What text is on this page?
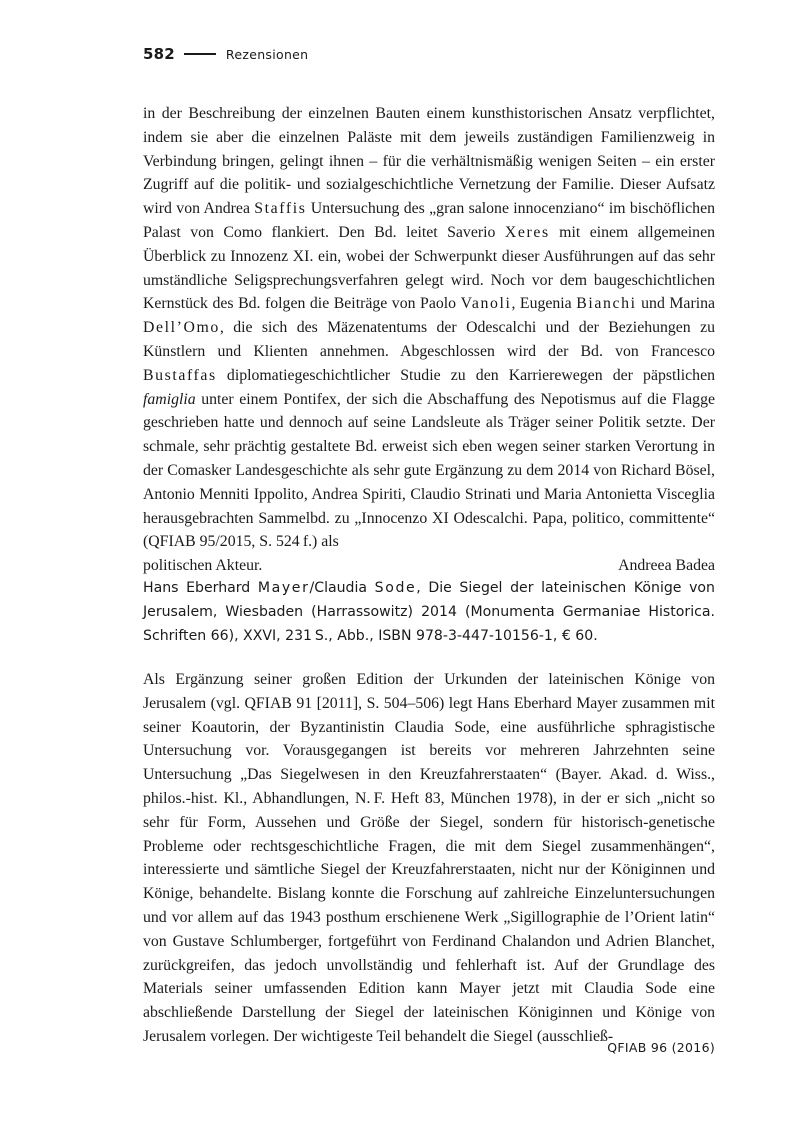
582	Rezensionen

in der Beschreibung der einzelnen Bauten einem kunsthistorischen Ansatz verpflichtet, indem sie aber die einzelnen Paläste mit dem jeweils zuständigen Familienzweig in Verbindung bringen, gelingt ihnen – für die verhältnismäßig wenigen Seiten – ein erster Zugriff auf die politik- und sozialgeschichtliche Vernetzung der Familie. Dieser Aufsatz wird von Andrea Staffis Untersuchung des „gran salone innocenziano“ im bischöflichen Palast von Como flankiert. Den Bd. leitet Saverio Xeres mit einem allgemeinen Überblick zu Innozenz XI. ein, wobei der Schwerpunkt dieser Ausführungen auf das sehr umständliche Seligsprechungsverfahren gelegt wird. Noch vor dem baugeschichtlichen Kernstück des Bd. folgen die Beiträge von Paolo Vanoli, Eugenia Bianchi und Marina Dell’Omo, die sich des Mäzenatentums der Odescalchi und der Beziehungen zu Künstlern und Klienten annehmen. Abgeschlossen wird der Bd. von Francesco Bustaffas diplomatiegeschichtlicher Studie zu den Karrierewegen der päpstlichen famiglia unter einem Pontifex, der sich die Abschaffung des Nepotismus auf die Flagge geschrieben hatte und dennoch auf seine Landsleute als Träger seiner Politik setzte. Der schmale, sehr prächtig gestaltete Bd. erweist sich eben wegen seiner starken Verortung in der Comasker Landesgeschichte als sehr gute Ergänzung zu dem 2014 von Richard Bösel, Antonio Menniti Ippolito, Andrea Spiriti, Claudio Strinati und Maria Antonietta Visceglia herausgebrachten Sammelbd. zu „Innocenzo XI Odescalchi. Papa, politico, committente“ (QFIAB 95/2015, S. 524 f.) als

politischen Akteur.	Andreea Badea

Hans Eberhard Mayer/Claudia Sode, Die Siegel der lateinischen Könige von Jerusalem, Wiesbaden (Harrassowitz) 2014 (Monumenta Germaniae Historica. Schriften 66), XXVI, 231 S., Abb., ISBN 978-3-447-10156-1, € 60.

Als Ergänzung seiner großen Edition der Urkunden der lateinischen Könige von Jerusalem (vgl. QFIAB 91 [2011], S. 504–506) legt Hans Eberhard Mayer zusammen mit seiner Koautorin, der Byzantinistin Claudia Sode, eine ausführliche sphragistische Untersuchung vor. Vorausgegangen ist bereits vor mehreren Jahrzehnten seine Untersuchung „Das Siegelwesen in den Kreuzfahrerstaaten“ (Bayer. Akad. d. Wiss., philos.-hist. Kl., Abhandlungen, N. F. Heft 83, München 1978), in der er sich „nicht so sehr für Form, Aussehen und Größe der Siegel, sondern für historisch-genetische Probleme oder rechtsgeschichtliche Fragen, die mit dem Siegel zusammenhängen“, interessierte und sämtliche Siegel der Kreuzfahrerstaaten, nicht nur der Königinnen und Könige, behandelte. Bislang konnte die Forschung auf zahlreiche Einzeluntersuchungen und vor allem auf das 1943 posthum erschienene Werk „Sigillographie de l’Orient latin“ von Gustave Schlumberger, fortgeführt von Ferdinand Chalandon und Adrien Blanchet, zurückgreifen, das jedoch unvollständig und fehlerhaft ist. Auf der Grundlage des Materials seiner umfassenden Edition kann Mayer jetzt mit Claudia Sode eine abschließende Darstellung der Siegel der lateinischen Königinnen und Könige von Jerusalem vorlegen. Der wichtigeste Teil behandelt die Siegel (ausschließ-

QFIAB 96 (2016)
